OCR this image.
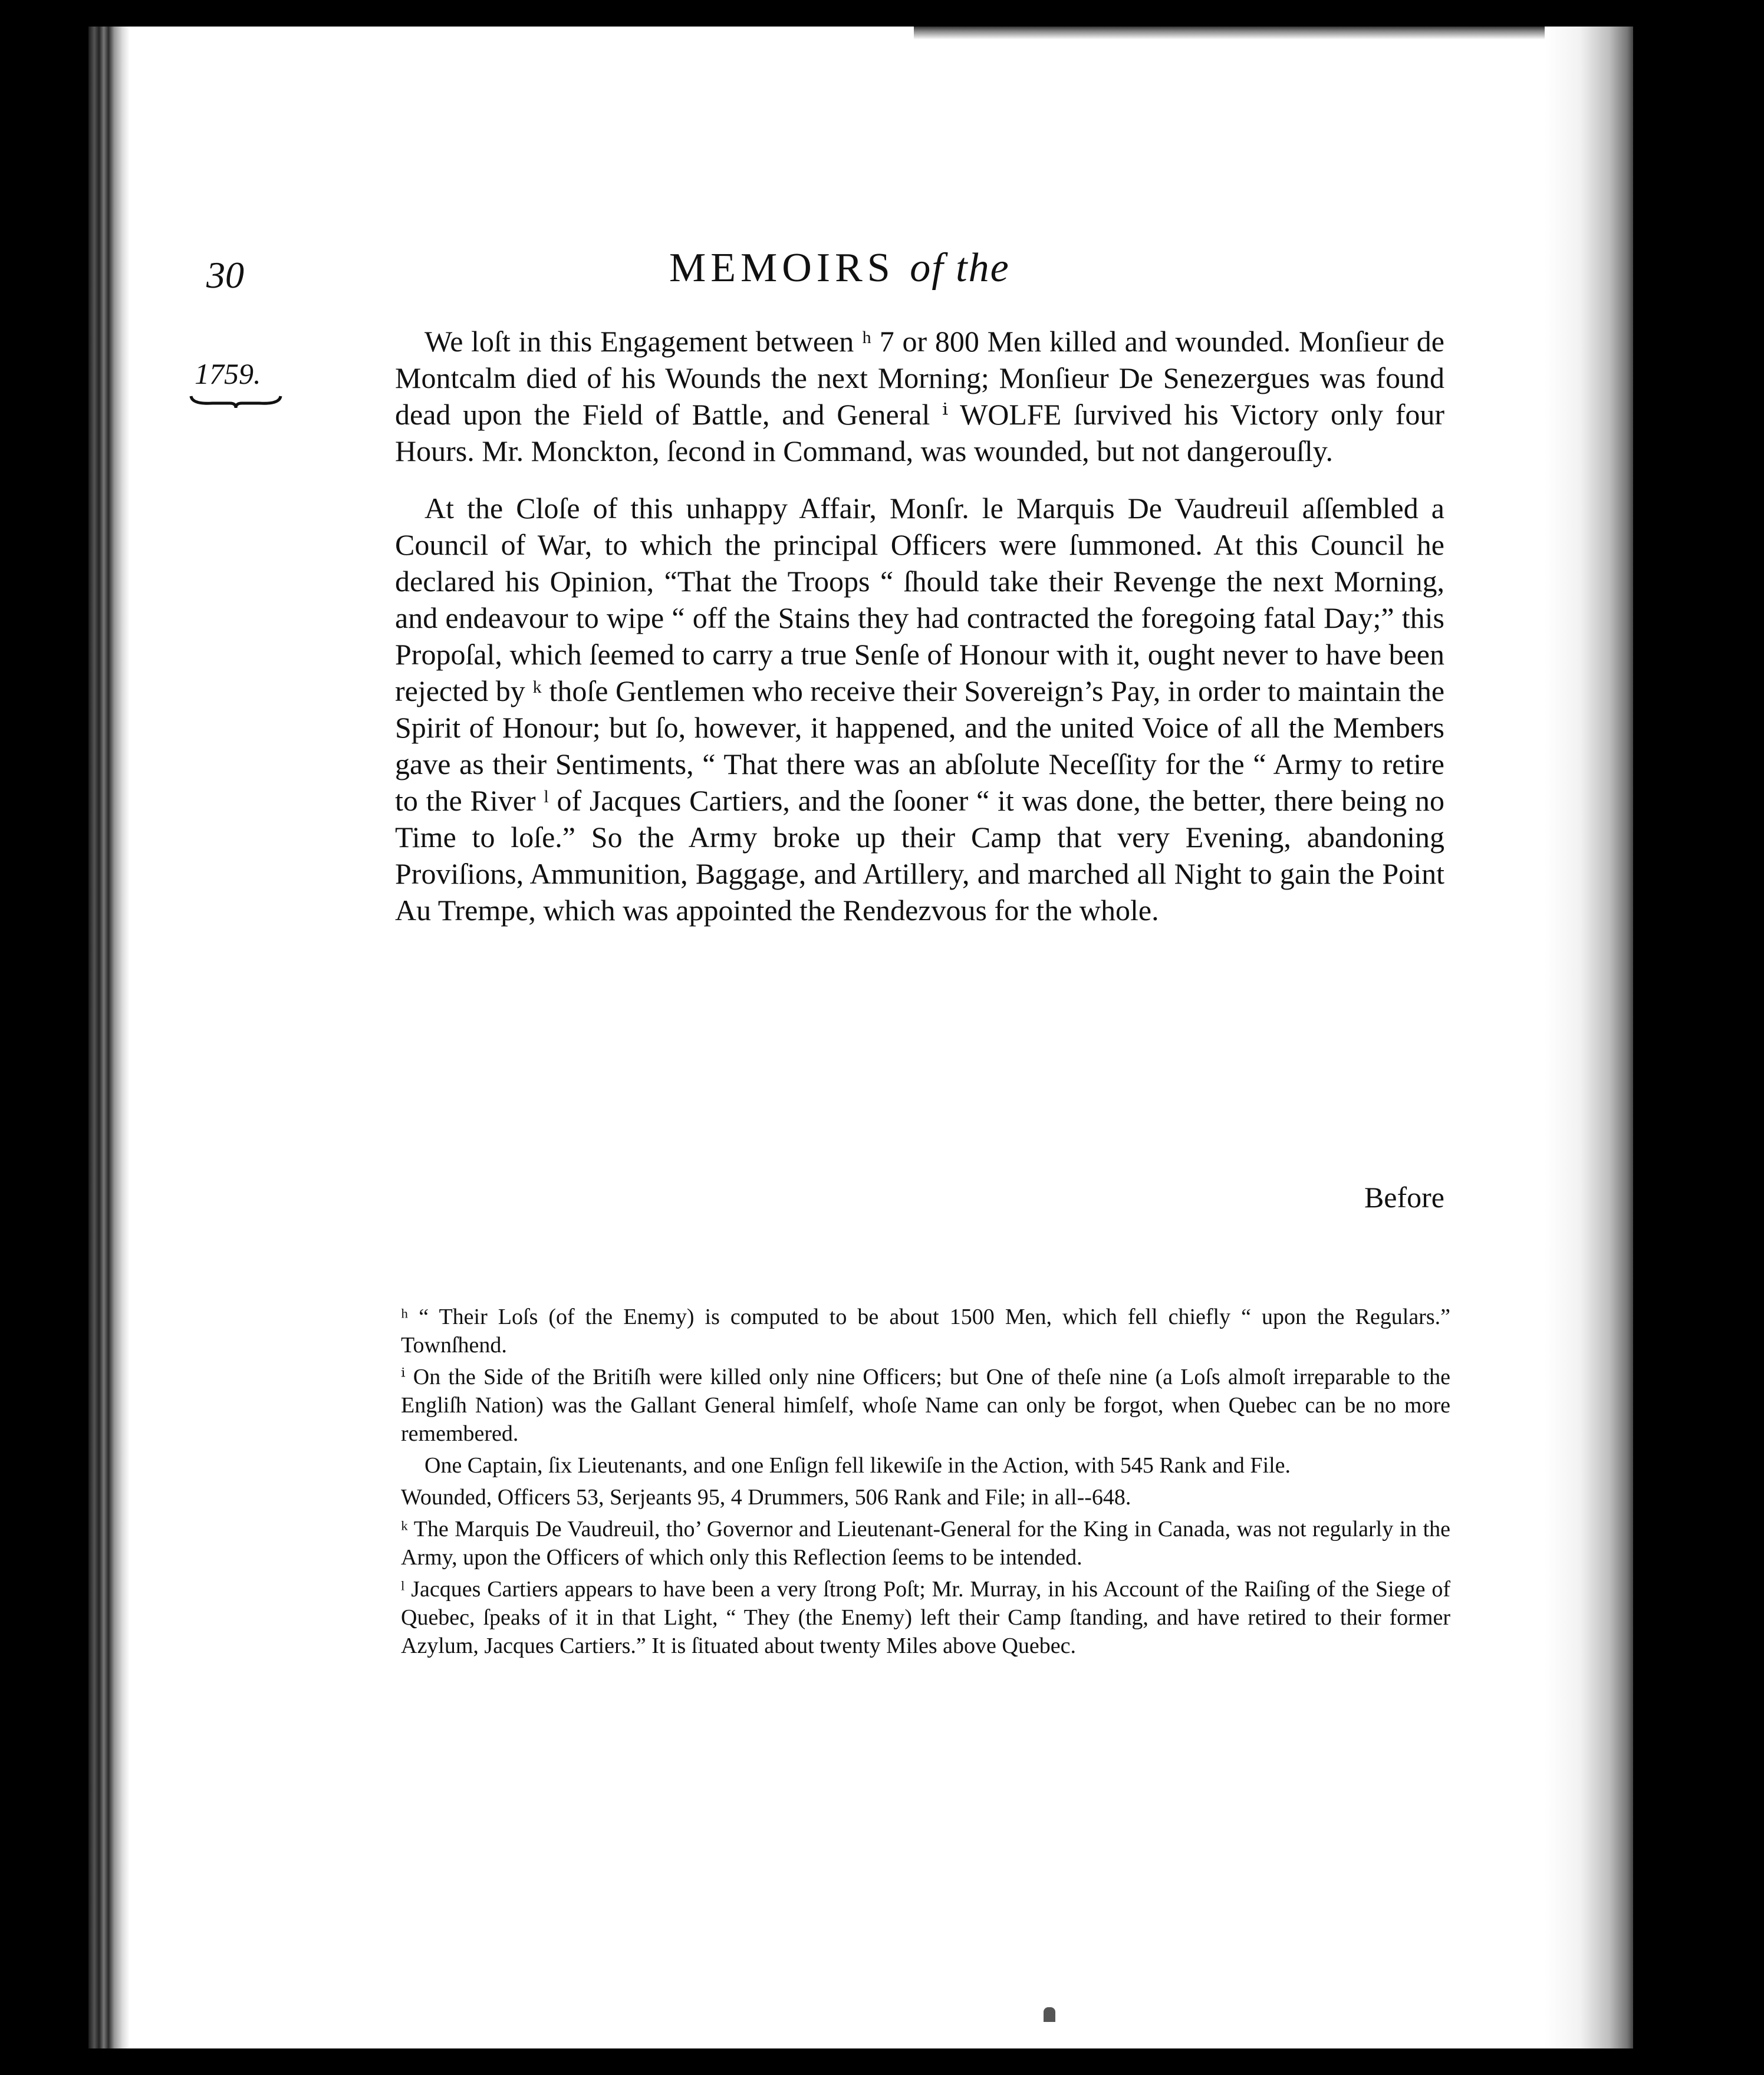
30	MEMOIRS of the
1759.

We loſt in this Engagement between ʰ 7 or 800 Men killed and wounded. Monſieur de Montcalm died of his Wounds the next Morning; Monſieur De Senezergues was found dead upon the Field of Battle, and General ⁱ WOLFE ſurvived his Victory only four Hours. Mr. Monckton, ſecond in Command, was wounded, but not dangerouſly.

At the Cloſe of this unhappy Affair, Monſr. le Marquis De Vaudreuil aſſembled a Council of War, to which the principal Officers were ſummoned. At this Council he declared his Opinion, “That the Troops “ ſhould take their Revenge the next Morning, and endeavour to wipe “ off the Stains they had contracted the foregoing fatal Day;” this Propoſal, which ſeemed to carry a true Senſe of Honour with it, ought never to have been rejected by ᵏ thoſe Gentlemen who receive their Sovereign’s Pay, in order to maintain the Spirit of Honour; but ſo, however, it happened, and the united Voice of all the Members gave as their Sentiments, “ That there was an abſolute Neceſſity for the “ Army to retire to the River ˡ of Jacques Cartiers, and the ſooner “ it was done, the better, there being no Time to loſe.” So the Army broke up their Camp that very Evening, abandoning Proviſions, Ammunition, Baggage, and Artillery, and marched all Night to gain the Point Au Trempe, which was appointed the Rendezvous for the whole.

Before

ʰ “ Their Loſs (of the Enemy) is computed to be about 1500 Men, which fell chiefly “ upon the Regulars.” Townſhend.

ⁱ On the Side of the Britiſh were killed only nine Officers; but One of theſe nine (a Loſs almoſt irreparable to the Engliſh Nation) was the Gallant General himſelf, whoſe Name can only be forgot, when Quebec can be no more remembered.

One Captain, ſix Lieutenants, and one Enſign fell likewiſe in the Action, with 545 Rank and File.

Wounded, Officers 53, Serjeants 95, 4 Drummers, 506 Rank and File; in all--648.

ᵏ The Marquis De Vaudreuil, tho’ Governor and Lieutenant-General for the King in Canada, was not regularly in the Army, upon the Officers of which only this Reflection ſeems to be intended.

ˡ Jacques Cartiers appears to have been a very ſtrong Poſt; Mr. Murray, in his Account of the Raiſing of the Siege of Quebec, ſpeaks of it in that Light, “ They (the Enemy) left their Camp ſtanding, and have retired to their former Azylum, Jacques Cartiers.” It is ſituated about twenty Miles above Quebec.
